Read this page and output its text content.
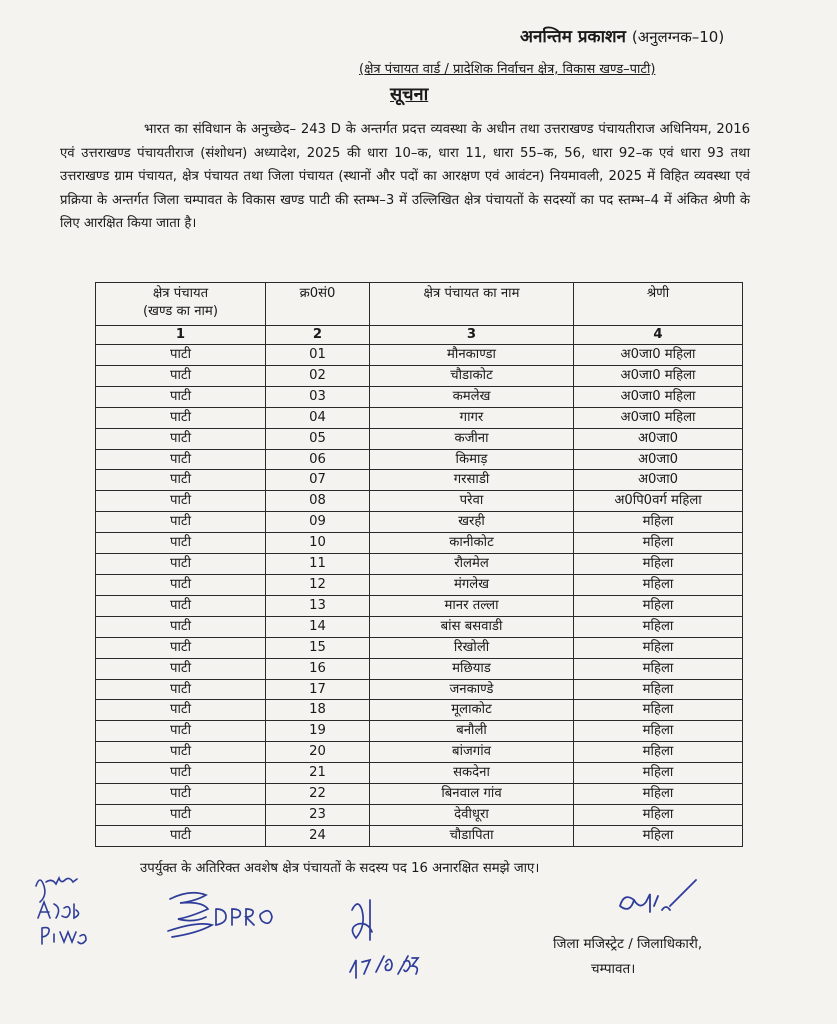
अनन्तिम प्रकाशन (अनुलग्नक–10)
(क्षेत्र पंचायत वार्ड / प्रादेशिक निर्वाचन क्षेत्र, विकास खण्ड–पाटी)
सूचना
भारत का संविधान के अनुच्छेद– 243 D के अन्तर्गत प्रदत्त व्यवस्था के अधीन तथा उत्तराखण्ड पंचायतीराज अधिनियम, 2016 एवं उत्तराखण्ड पंचायतीराज (संशोधन) अध्यादेश, 2025 की धारा 10–क, धारा 11, धारा 55–क, 56, धारा 92–क एवं धारा 93 तथा उत्तराखण्ड ग्राम पंचायत, क्षेत्र पंचायत तथा जिला पंचायत (स्थानों और पदों का आरक्षण एवं आवंटन) नियमावली, 2025 में विहित व्यवस्था एवं प्रक्रिया के अन्तर्गत जिला चम्पावत के विकास खण्ड पाटी की स्तम्भ–3 में उल्लिखित क्षेत्र पंचायतों के सदस्यों का पद स्तम्भ–4 में अंकित श्रेणी के लिए आरक्षित किया जाता है।
क्षेत्र पंचायत
(खण्ड का नाम)	क्र0सं0	क्षेत्र पंचायत का नाम	श्रेणी
1	2	3	4
पाटी	01	मौनकाण्डा	अ0जा0 महिला
पाटी	02	चौडाकोट	अ0जा0 महिला
पाटी	03	कमलेख	अ0जा0 महिला
पाटी	04	गागर	अ0जा0 महिला
पाटी	05	कजीना	अ0जा0
पाटी	06	किमाड़	अ0जा0
पाटी	07	गरसाडी	अ0जा0
पाटी	08	परेवा	अ0पि0वर्ग महिला
पाटी	09	खरही	महिला
पाटी	10	कानीकोट	महिला
पाटी	11	रौलमेल	महिला
पाटी	12	मंगलेख	महिला
पाटी	13	मानर तल्ला	महिला
पाटी	14	बांस बसवाडी	महिला
पाटी	15	रिखोली	महिला
पाटी	16	मछियाड	महिला
पाटी	17	जनकाण्डे	महिला
पाटी	18	मूलाकोट	महिला
पाटी	19	बनौली	महिला
पाटी	20	बांजगांव	महिला
पाटी	21	सकदेना	महिला
पाटी	22	बिनवाल गांव	महिला
पाटी	23	देवीधूरा	महिला
पाटी	24	चौडापिता	महिला
उपर्युक्त के अतिरिक्त अवशेष क्षेत्र पंचायतों के सदस्य पद 16 अनारक्षित समझे जाए।
जिला मजिस्ट्रेट / जिलाधिकारी,
चम्पावत।
